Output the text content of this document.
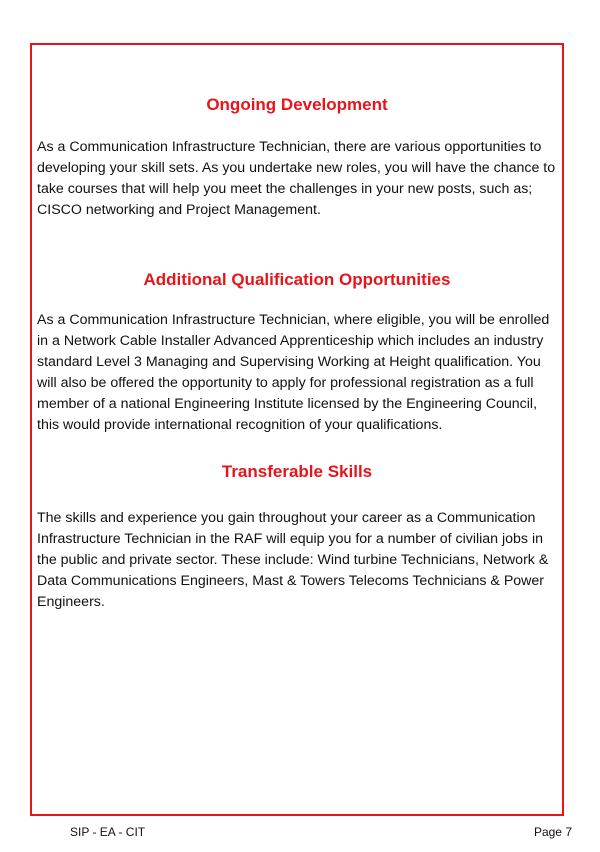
Ongoing Development

As a Communication Infrastructure Technician, there are various opportunities to developing your skill sets. As you undertake new roles, you will have the chance to take courses that will help you meet the challenges in your new posts, such as; CISCO networking and Project Management.

Additional Qualification Opportunities

As a Communication Infrastructure Technician, where eligible, you will be enrolled in a Network Cable Installer Advanced Apprenticeship which includes an industry standard Level 3 Managing and Supervising Working at Height qualification. You will also be offered the opportunity to apply for professional registration as a full member of a national Engineering Institute licensed by the Engineering Council, this would provide international recognition of your qualifications.

Transferable Skills

The skills and experience you gain throughout your career as a Communication Infrastructure Technician in the RAF will equip you for a number of civilian jobs in the public and private sector. These include: Wind turbine Technicians, Network & Data Communications Engineers, Mast & Towers Telecoms Technicians & Power Engineers.

SIP - EA - CIT	Page 7
